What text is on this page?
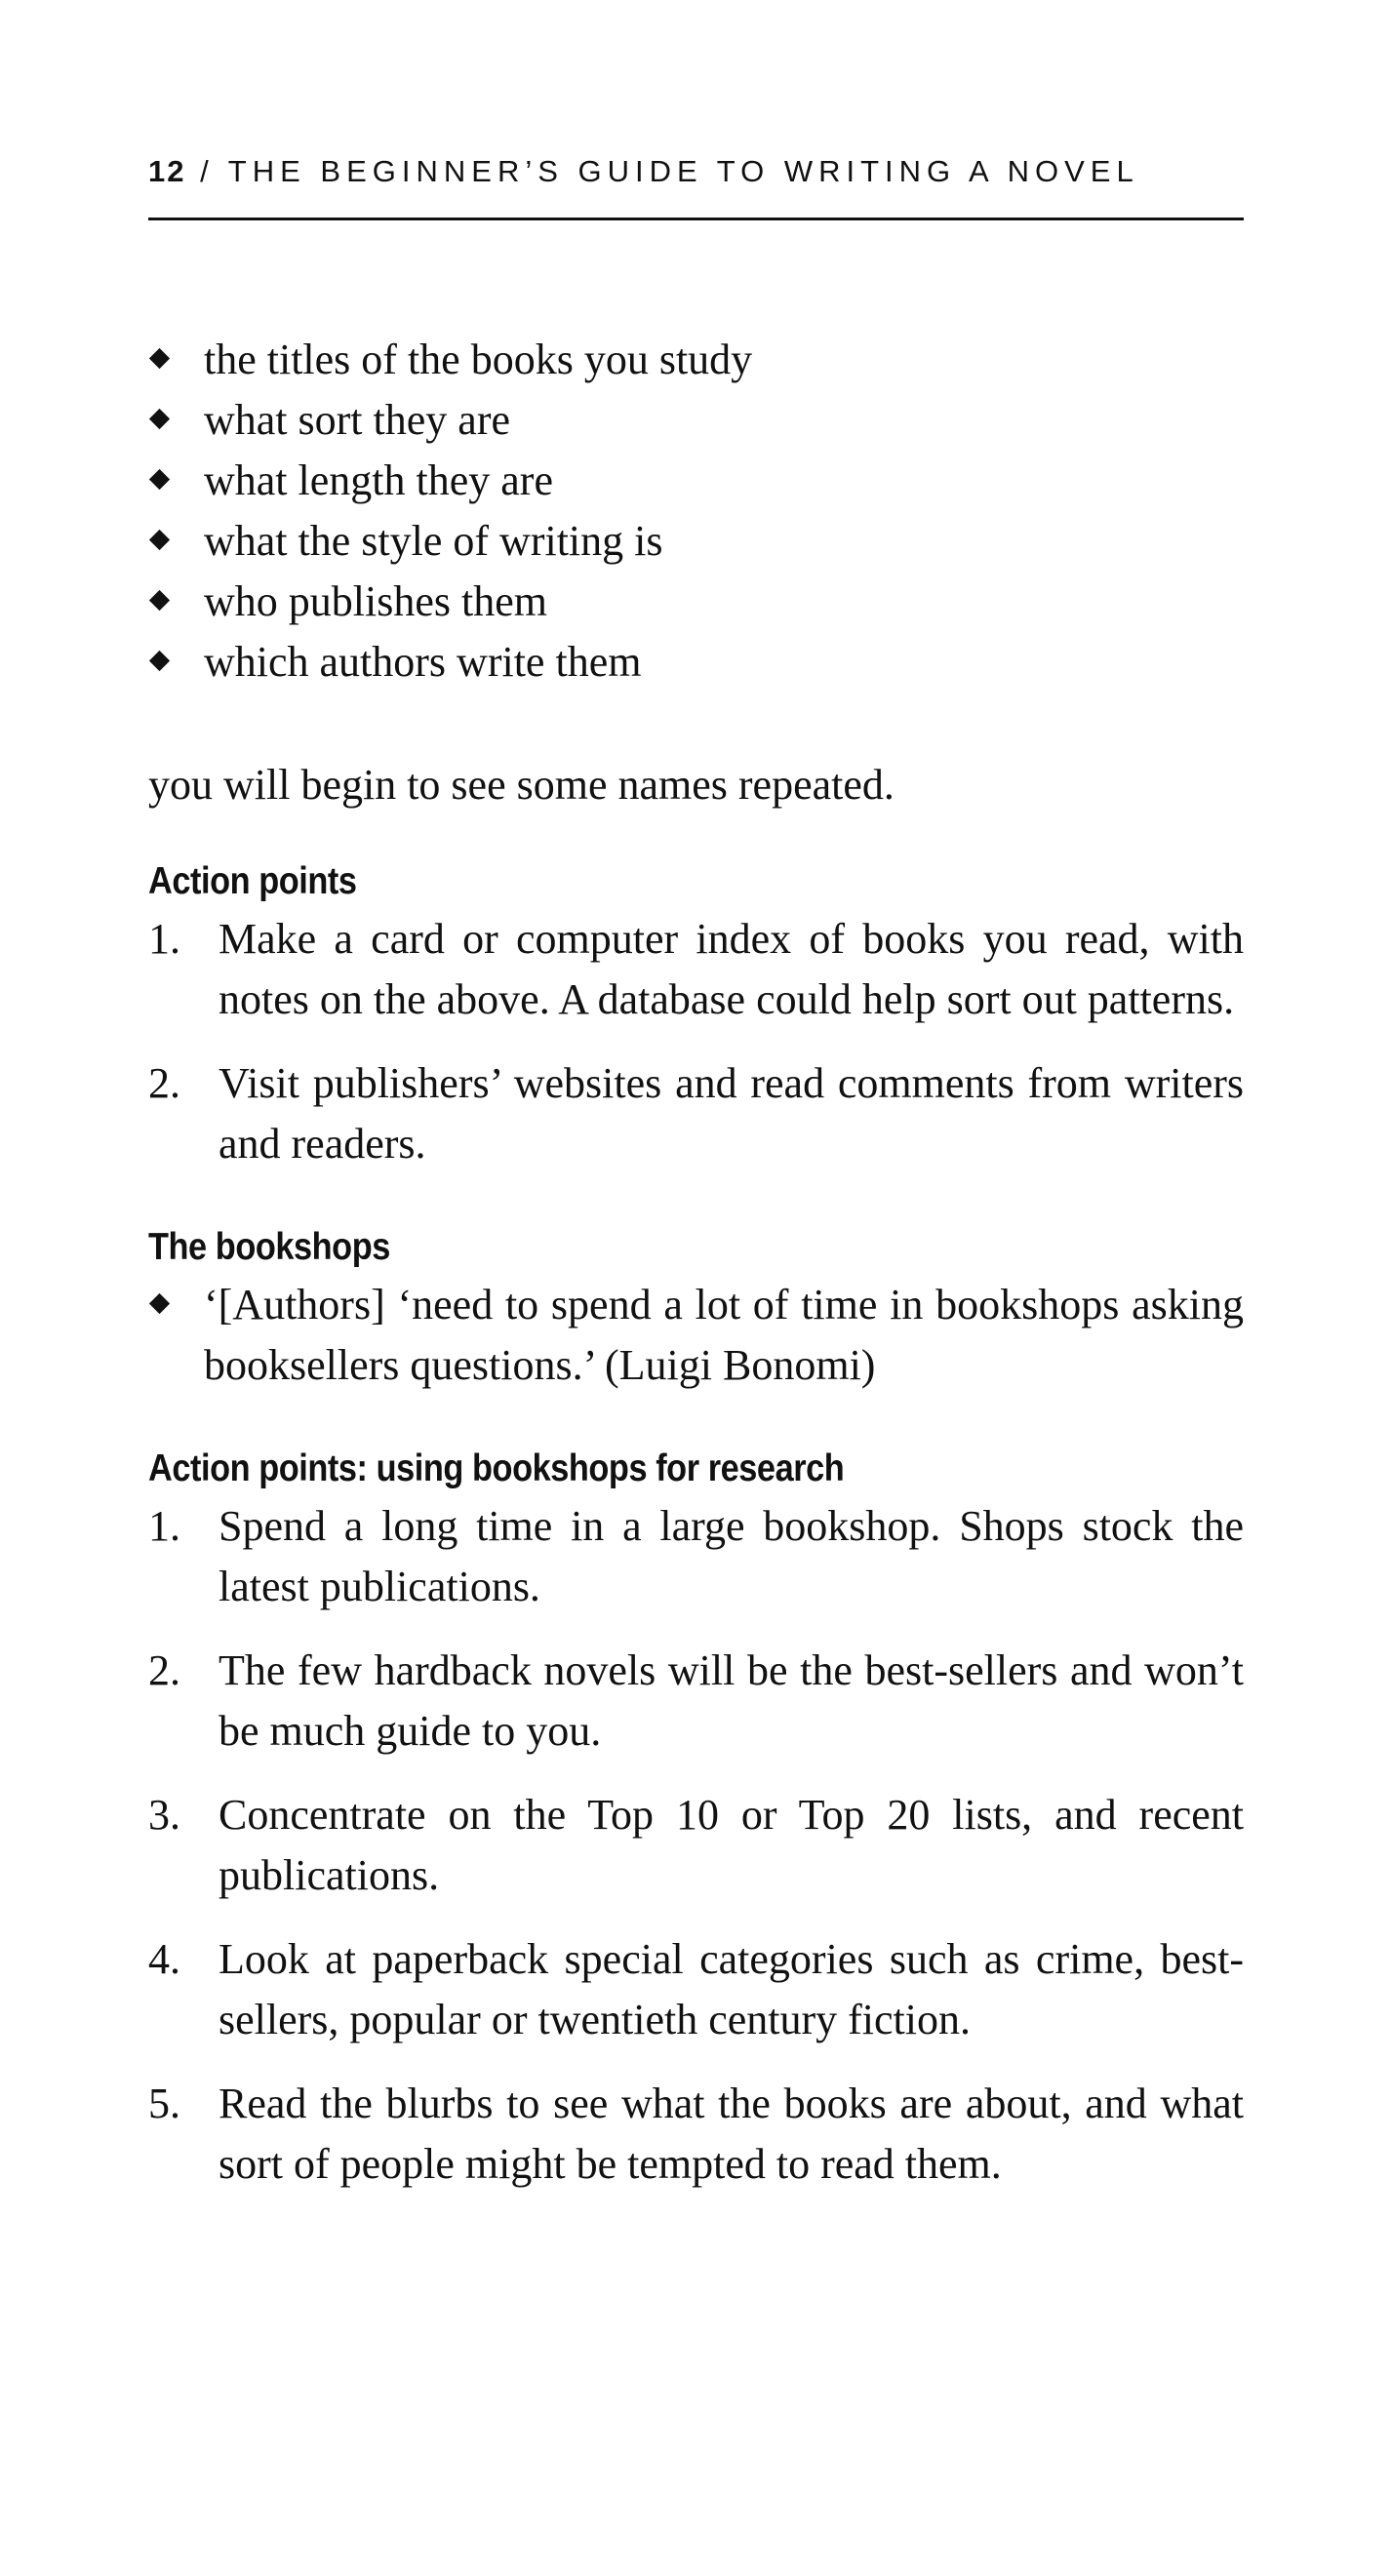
12 / THE BEGINNER’S GUIDE TO WRITING A NOVEL
the titles of the books you study
what sort they are
what length they are
what the style of writing is
who publishes them
which authors write them

you will begin to see some names repeated.

Action points
1. Make a card or computer index of books you read, with notes on the above. A database could help sort out patterns.
2. Visit publishers’ websites and read comments from writers and readers.
The bookshops
‘[Authors] ‘need to spend a lot of time in bookshops asking booksellers questions.’ (Luigi Bonomi)
Action points: using bookshops for research
1. Spend a long time in a large bookshop. Shops stock the latest publications.
2. The few hardback novels will be the best-sellers and won’t be much guide to you.
3. Concentrate on the Top 10 or Top 20 lists, and recent publications.
4. Look at paperback special categories such as crime, best-sellers, popular or twentieth century fiction.
5. Read the blurbs to see what the books are about, and what sort of people might be tempted to read them.
